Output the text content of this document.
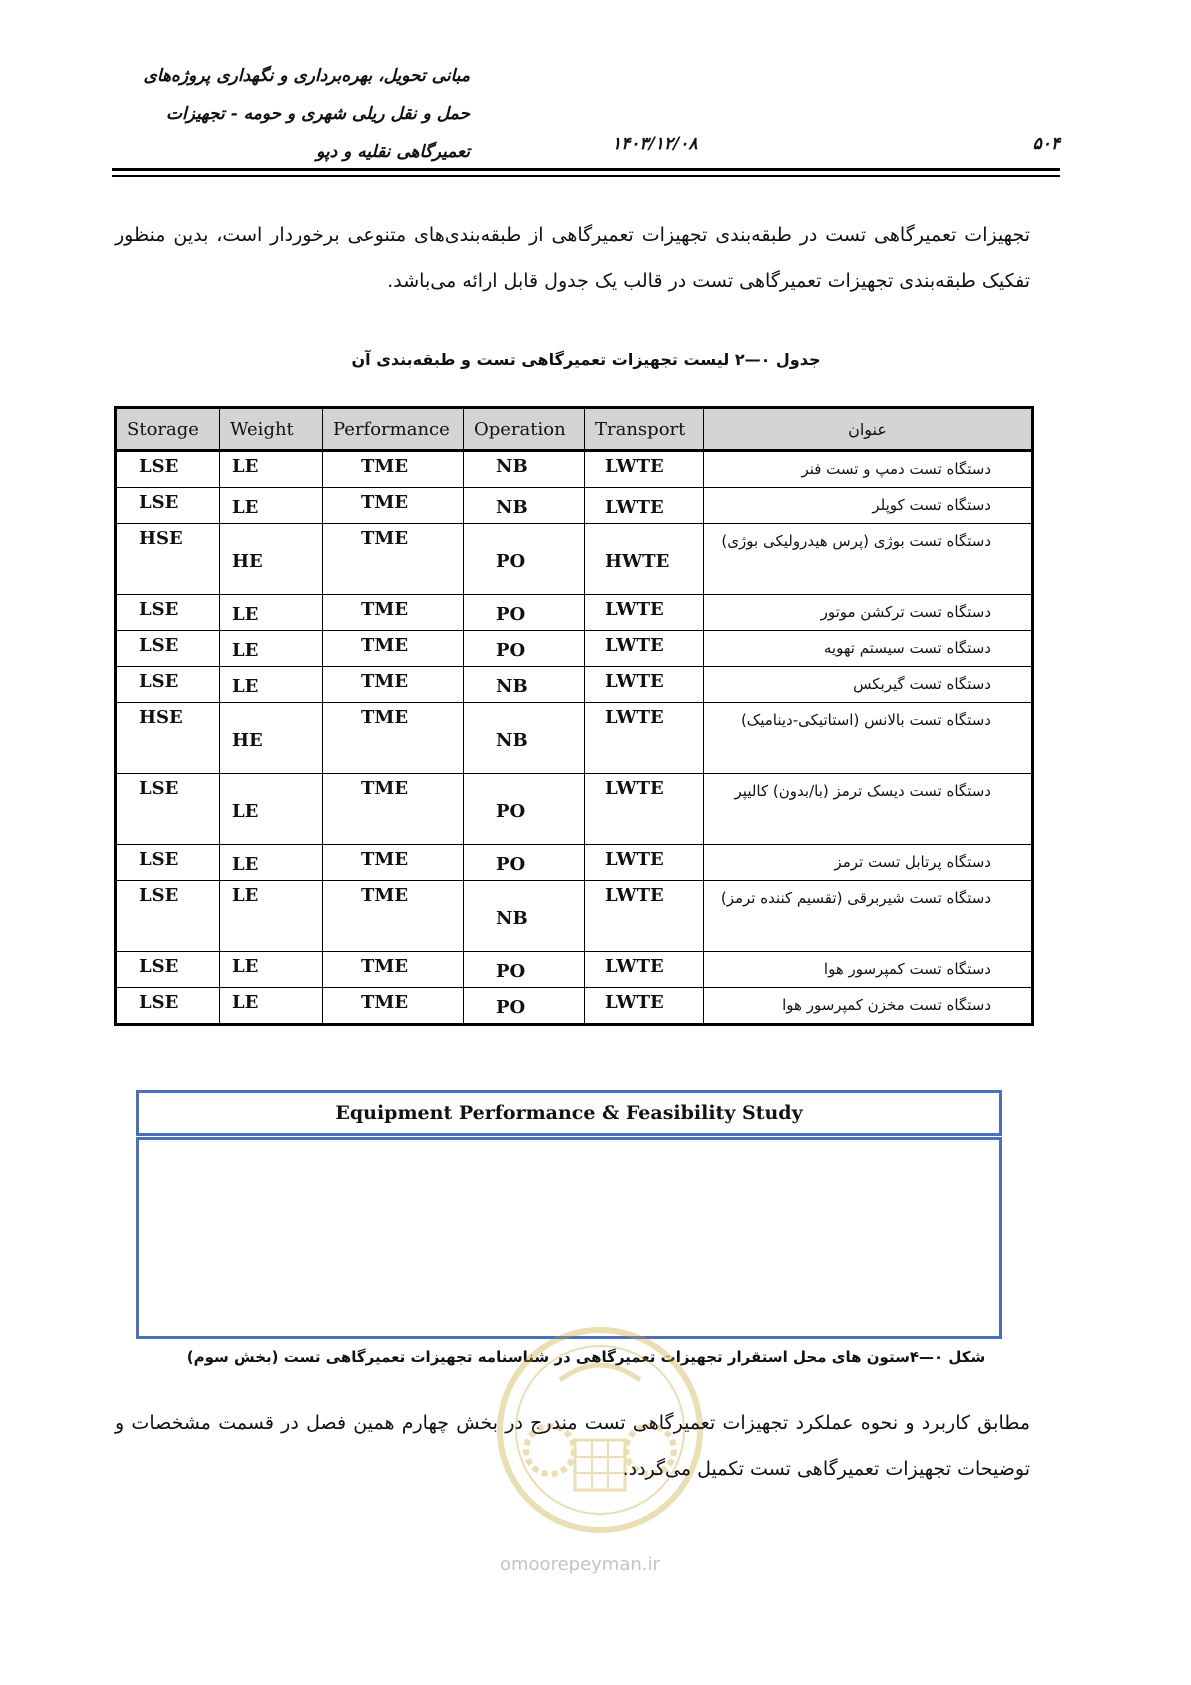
مبانی تحویل، بهره‌برداری و نگهداری پروژه‌های
حمل و نقل ریلی شهری و حومه - تجهیزات
تعمیرگاهی نقلیه و دپو	۱۴۰۳/۱۲/۰۸	۵۰۴
تجهیزات تعمیرگاهی تست در طبقه‌بندی تجهیزات تعمیرگاهی از طبقه‌بندی‌های متنوعی برخوردار است، بدین منظور تفکیک طبقه‌بندی تجهیزات تعمیرگاهی تست در قالب یک جدول قابل ارائه می‌باشد.
جدول ۰—۲ لیست تجهیزات تعمیرگاهی تست و طبقه‌بندی آن
Storage	Weight	Performance	Operation	Transport	عنوان
LSE	LE	TME	NB	LWTE	دستگاه تست دمپ و تست فنر
LSE	LE	TME	NB	LWTE	دستگاه تست کوپلر
HSE	HE	TME	PO	HWTE	دستگاه تست بوژی (پرس هیدرولیکی بوژی)
LSE	LE	TME	PO	LWTE	دستگاه تست ترکشن موتور
LSE	LE	TME	PO	LWTE	دستگاه تست سیستم تهویه
LSE	LE	TME	NB	LWTE	دستگاه تست گیربکس
HSE	HE	TME	NB	LWTE	دستگاه تست بالانس (استاتیکی-دینامیک)
LSE	LE	TME	PO	LWTE	دستگاه تست دیسک ترمز (با/بدون) کالیپر
LSE	LE	TME	PO	LWTE	دستگاه پرتابل تست ترمز
LSE	LE	TME	NB	LWTE	دستگاه تست شیربرقی (تقسیم کننده ترمز)
LSE	LE	TME	PO	LWTE	دستگاه تست کمپرسور هوا
LSE	LE	TME	PO	LWTE	دستگاه تست مخزن کمپرسور هوا
Equipment Performance & Feasibility Study
شکل ۰—۴ستون های محل استقرار تجهیزات تعمیرگاهی در شناسنامه تجهیزات تعمیرگاهی تست (بخش سوم)
مطابق کاربرد و نحوه عملکرد تجهیزات تعمیرگاهی تست مندرج در بخش چهارم همین فصل در قسمت مشخصات و توضیحات تجهیزات تعمیرگاهی تست تکمیل می‌گردد.
omoorepeyman.ir
